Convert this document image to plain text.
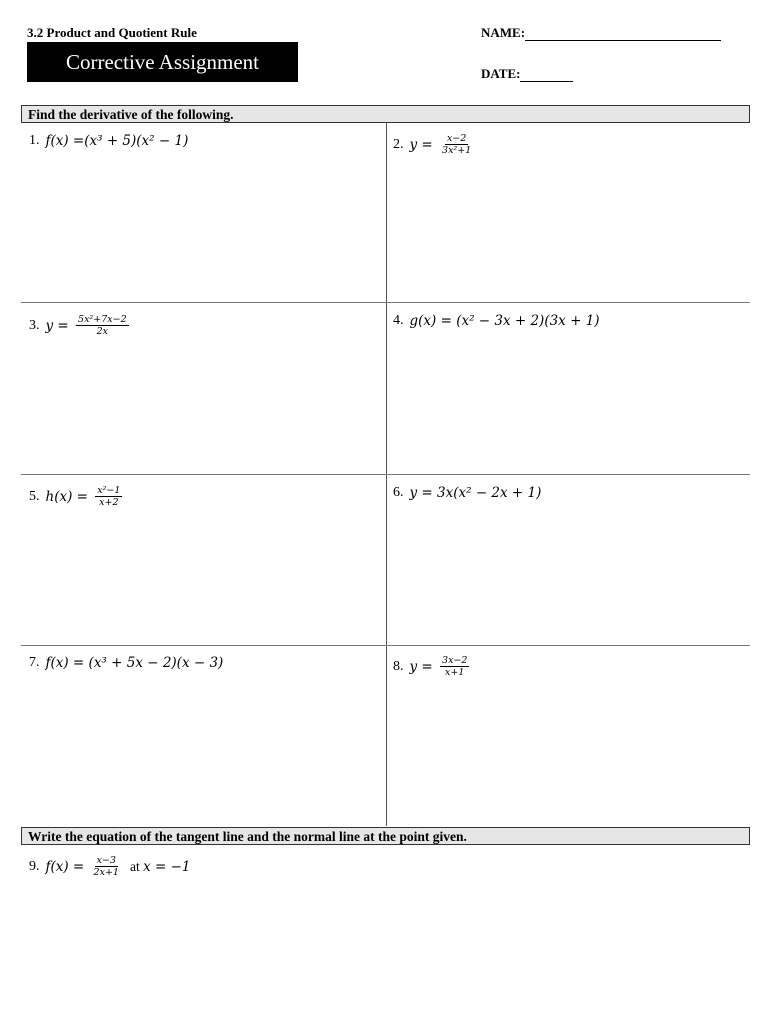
3.2 Product and Quotient Rule
Corrective Assignment
NAME:
DATE:
Find the derivative of the following.
1. f(x) = (x³ + 5)(x² − 1)	2. $y = \frac{x-2}{\text{3x²+1}}$
3. $y = \frac{\text{5x²+7x−2}}{2x}$	4. g(x) = (x² − 3x + 2)(3x + 1)
5. $h(x) = \frac{\text{x²−1}}{x+2}$	6. y = 3x(x² − 2x + 1)
7. f(x) = (x³ + 5x − 2)(x − 3)	8. $y = \frac{3x-2}{x+1}$
Write the equation of the tangent line and the normal line at the point given.
9. $f(x) = \frac{x-3}{2x+1}$ at x = −1
